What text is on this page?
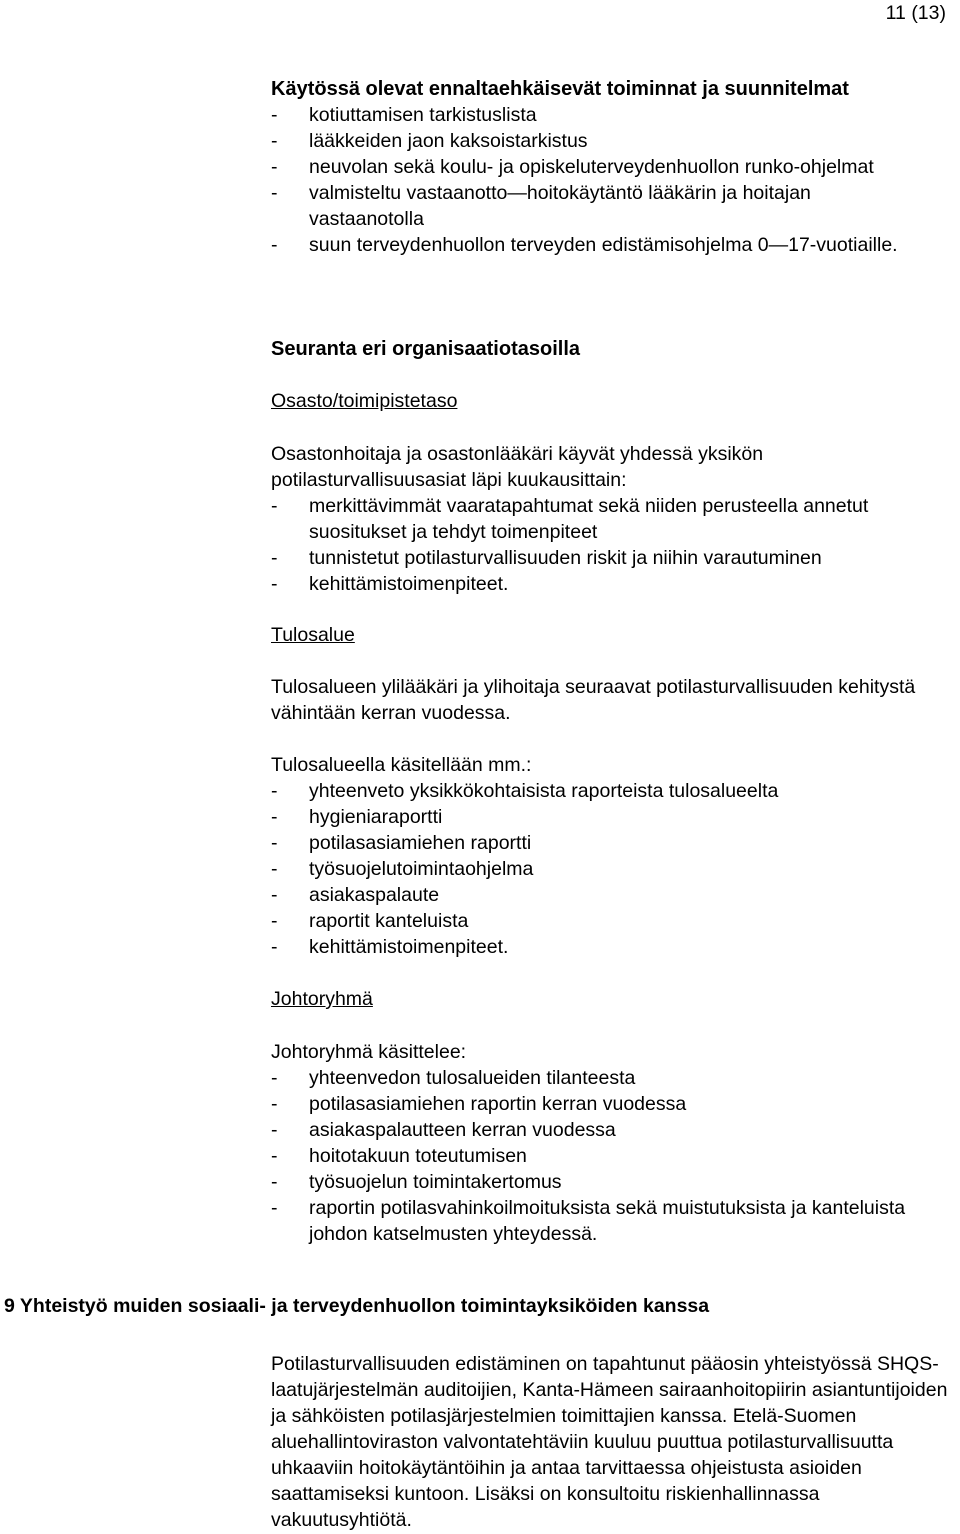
11 (13)
Käytössä olevat ennaltaehkäisevät toiminnat ja suunnitelmat
- kotiuttamisen tarkistuslista
- lääkkeiden jaon kaksoistarkistus
- neuvolan sekä koulu- ja opiskeluterveydenhuollon runko-ohjelmat
- valmisteltu vastaanotto—hoitokäytäntö lääkärin ja hoitajan vastaanotolla
- suun terveydenhuollon terveyden edistämisohjelma 0—17-vuotiaille.
Seuranta eri organisaatiotasoilla
Osasto/toimipistetaso

Osastonhoitaja ja osastonlääkäri käyvät yhdessä yksikön potilasturvallisuusasiat läpi kuukausittain:

- merkittävimmät vaaratapahtumat sekä niiden perusteella annetut suositukset ja tehdyt toimenpiteet
- tunnistetut potilasturvallisuuden riskit ja niihin varautuminen
- kehittämistoimenpiteet.
Tulosalue

Tulosalueen ylilääkäri ja ylihoitaja seuraavat potilasturvallisuuden kehitystä vähintään kerran vuodessa.

Tulosalueella käsitellään mm.:

- yhteenveto yksikkökohtaisista raporteista tulosalueelta
- hygieniaraportti
- potilasasiamiehen raportti
- työsuojelutoimintaohjelma
- asiakaspalaute
- raportit kanteluista
- kehittämistoimenpiteet.
Johtoryhmä

Johtoryhmä käsittelee:

- yhteenvedon tulosalueiden tilanteesta
- potilasasiamiehen raportin kerran vuodessa
- asiakaspalautteen kerran vuodessa
- hoitotakuun toteutumisen
- työsuojelun toimintakertomus
- raportin potilasvahinkoilmoituksista sekä muistutuksista ja kanteluista johdon katselmusten yhteydessä.
9 Yhteistyö muiden sosiaali- ja terveydenhuollon toimintayksiköiden kanssa

Potilasturvallisuuden edistäminen on tapahtunut pääosin yhteistyössä SHQS-laatujärjestelmän auditoijien, Kanta-Hämeen sairaanhoitopiirin asiantuntijoiden ja sähköisten potilasjärjestelmien toimittajien kanssa. Etelä-Suomen aluehallintoviraston valvontatehtäviin kuuluu puuttua potilasturvallisuutta uhkaaviin hoitokäytäntöihin ja antaa tarvittaessa ohjeistusta asioiden saattamiseksi kuntoon. Lisäksi on konsultoitu riskienhallinnassa vakuutusyhtiötä.
